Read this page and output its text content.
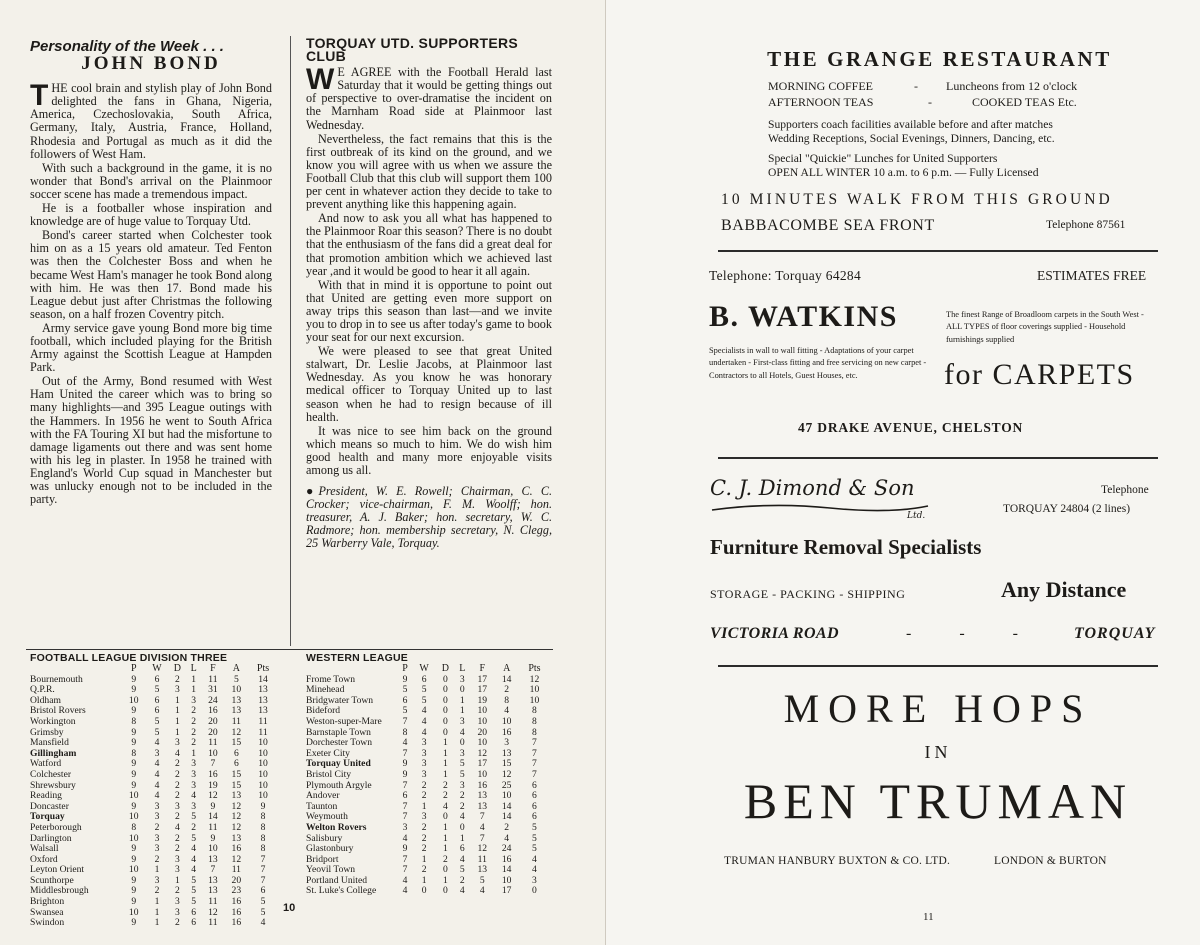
Personality of the Week . . .
JOHN BOND

THE cool brain and stylish play of John Bond delighted the fans in Ghana, Nigeria, America, Czechoslovakia, South Africa, Germany, Italy, Austria, France, Holland, Rhodesia and Portugal as much as it did the followers of West Ham.

With such a background in the game, it is no wonder that Bond's arrival on the Plainmoor soccer scene has made a tremendous impact.

He is a footballer whose inspiration and knowledge are of huge value to Torquay Utd.

Bond's career started when Colchester took him on as a 15 years old amateur. Ted Fenton was then the Colchester Boss and when he became West Ham's manager he took Bond along with him. He was then 17. Bond made his League debut just after Christmas the following season, on a half frozen Coventry pitch.

Army service gave young Bond more big time football, which included playing for the British Army against the Scottish League at Hampden Park.

Out of the Army, Bond resumed with West Ham United the career which was to bring so many highlights—and 395 League outings with the Hammers. In 1956 he went to South Africa with the FA Touring XI but had the misfortune to damage ligaments out there and was sent home with his leg in plaster. In 1958 he trained with England's World Cup squad in Manchester but was unlucky enough not to be included in the party.

TORQUAY UTD. SUPPORTERS CLUB

W E AGREE with the Football Herald last Saturday that it would be getting things out of perspective to over-dramatise the incident on the Marnham Road side at Plainmoor last Wednesday.

Nevertheless, the fact remains that this is the first outbreak of its kind on the ground, and we know you will agree with us when we assure the Football Club that this club will support them 100 per cent in whatever action they decide to take to prevent anything like this happening again.

And now to ask you all what has happened to the Plainmoor Roar this season? There is no doubt that the enthusiasm of the fans did a great deal for that promotion ambition which we achieved last year ,and it would be good to hear it all again.

With that in mind it is opportune to point out that United are getting even more support on away trips this season than last—and we invite you to drop in to see us after today's game to book your seat for our next excursion.

We were pleased to see that great United stalwart, Dr. Leslie Jacobs, at Plainmoor last Wednesday. As you know he was honorary medical officer to Torquay United up to last season when he had to resign because of ill health.

It was nice to see him back on the ground which means so much to him. We do wish him good health and many more enjoyable visits among us all.

●President, W. E. Rowell; Chairman, C. C. Crocker; vice-chairman, F. M. Woolff; hon. treasurer, A. J. Baker; hon. secretary, W. C. Radmore; hon. membership secretary, N. Clegg, 25 Warberry Vale, Torquay.

FOOTBALL LEAGUE DIVISION THREE
	P	W	D	L	F	A	Pts
Bournemouth	9	6	2	1	11	5	14
Q.P.R.	9	5	3	1	31	10	13
Oldham	10	6	1	3	24	13	13
Bristol Rovers	9	6	1	2	16	13	13
Workington	8	5	1	2	20	11	11
Grimsby	9	5	1	2	20	12	11
Mansfield	9	4	3	2	11	15	10
Gillingham	8	3	4	1	10	6	10
Watford	9	4	2	3	7	6	10
Colchester	9	4	2	3	16	15	10
Shrewsbury	9	4	2	3	19	15	10
Reading	10	4	2	4	12	13	10
Doncaster	9	3	3	3	9	12	9
Torquay	10	3	2	5	14	12	8
Peterborough	8	2	4	2	11	12	8
Darlington	10	3	2	5	9	13	8
Walsall	9	3	2	4	10	16	8
Oxford	9	2	3	4	13	12	7
Leyton Orient	10	1	3	4	7	11	7
Scunthorpe	9	3	1	5	13	20	7
Middlesbrough	9	2	2	5	13	23	6
Brighton	9	1	3	5	11	16	5
Swansea	10	1	3	6	12	16	5
Swindon	9	1	2	6	11	16	4
WESTERN LEAGUE
	P	W	D	L	F	A	Pts
Frome Town	9	6	0	3	17	14	12
Minehead	5	5	0	0	17	2	10
Bridgwater Town	6	5	0	1	19	8	10
Bideford	5	4	0	1	10	4	8
Weston-super-Mare	7	4	0	3	10	10	8
Barnstaple Town	8	4	0	4	20	16	8
Dorchester Town	4	3	1	0	10	3	7
Exeter City	7	3	1	3	12	13	7
Torquay United	9	3	1	5	17	15	7
Bristol City	9	3	1	5	10	12	7
Plymouth Argyle	7	2	2	3	16	25	6
Andover	6	2	2	2	13	10	6
Taunton	7	1	4	2	13	14	6
Weymouth	7	3	0	4	7	14	6
Welton Rovers	3	2	1	0	4	2	5
Salisbury	4	2	1	1	7	4	5
Glastonbury	9	2	1	6	12	24	5
Bridport	7	1	2	4	11	16	4
Yeovil Town	7	2	0	5	13	14	4
Portland United	4	1	1	2	5	10	3
St. Luke's College	4	0	0	4	4	17	0
10
THE GRANGE RESTAURANT
MORNING COFFEE	- Luncheons from 12 o'clock
AFTERNOON TEAS	-	COOKED TEAS Etc.
Supporters coach facilities available before and after matches
Wedding Receptions, Social Evenings, Dinners, Dancing, etc.
Special "Quickie" Lunches for United Supporters
OPEN ALL WINTER 10 a.m. to 6 p.m. — Fully Licensed
10 MINUTES WALK FROM THIS GROUND
BABBACOMBE SEA FRONT	Telephone 87561
Telephone: Torquay 64284	ESTIMATES FREE
B. WATKINS	The finest Range of Broadloom carpets in the South West - ALL TYPES of floor coverings supplied - Household furnishings supplied
Specialists in wall to wall fitting - Adaptations of your carpet undertaken - First-class fitting and free servicing on new carpet - Contractors to all Hotels, Guest Houses, etc.	for CARPETS
47 DRAKE AVENUE, CHELSTON
C. J. Dimond & Son
Ltd.
Telephone
TORQUAY 24804 (2 lines)
Furniture Removal Specialists
STORAGE - PACKING - SHIPPING	Any Distance
VICTORIA ROAD	- - -	TORQUAY
MORE HOPS
IN
BEN TRUMAN
TRUMAN HANBURY BUXTON & CO. LTD.	LONDON & BURTON
11
